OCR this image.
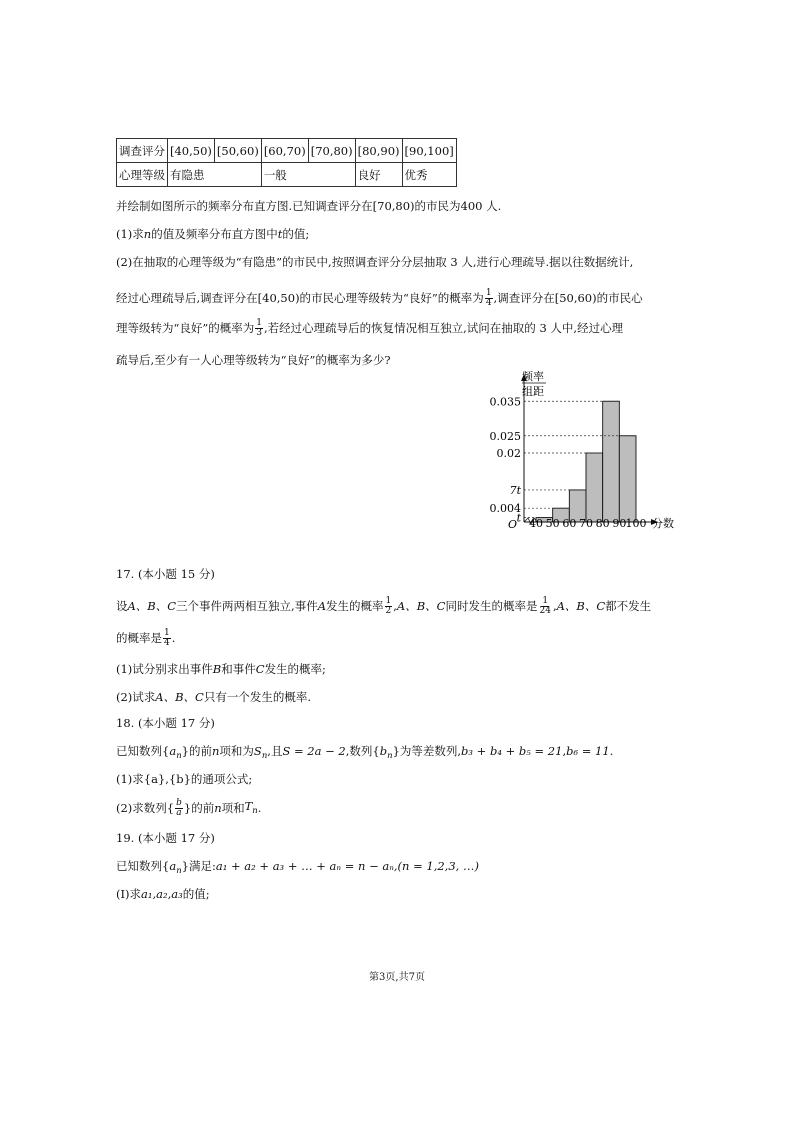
调查评分	[40,50)	[50,60)	[60,70)	[70,80)	[80,90)	[90,100]
心理等级	有隐患		一般		良好	优秀
并绘制如图所示的频率分布直方图.已知调查评分在[70,80)的市民为400 人.
(1)求n的值及频率分布直方图中t的值;
(2)在抽取的心理等级为“有隐患”的市民中,按照调查评分分层抽取 3 人,进行心理疏导.据以往数据统计,
经过心理疏导后,调查评分在[40,50)的市民心理等级转为“良好”的概率为 $\frac{1}{4}$ ,调查评分在[50,60)的市民心
理等级转为“良好”的概率为 $\frac{1}{3}$ ,若经过心理疏导后的恢复情况相互独立,试问在抽取的 3 人中,经过心理
疏导后,至少有一人心理等级转为“良好”的概率为多少?
频率
组距
O	分数
0.035
0.025
0.02
7t
0.004
t 40 50 60 70 80 90 100
17. (本小题 15 分)
设 A、B、C 三个事件两两相互独立,事件 A 发生的概率 $\frac{1}{2}$ , A、B、C 同时发生的概率是 $\frac{1}{24}$ , A、B、C 都不发生
的概率是 $\frac{1}{4}$ .
(1)试分别求出事件B和事件C发生的概率;
(2)试求A、B、C只有一个发生的概率.
18. (本小题 17 分)
已知数列$\{a_n\}$的前n项和为$S_n$,且S = 2a − 2,数列$\{b_n\}$为等差数列,b₃ + b₄ + b₅ = 21,b₆ = 11.
(1)求{a},{b}的通项公式;
(2)求数列{ $\frac{b}{a}$ }的前 n 项和 $T_n$ .
19. (本小题 17 分)
已知数列$\{a_n\}$满足:a₁ + a₂ + a₃ + … + aₙ = n − aₙ,(n = 1,2,3, …)
(I)求a₁,a₂,a₃的值;
第3页,共7页
